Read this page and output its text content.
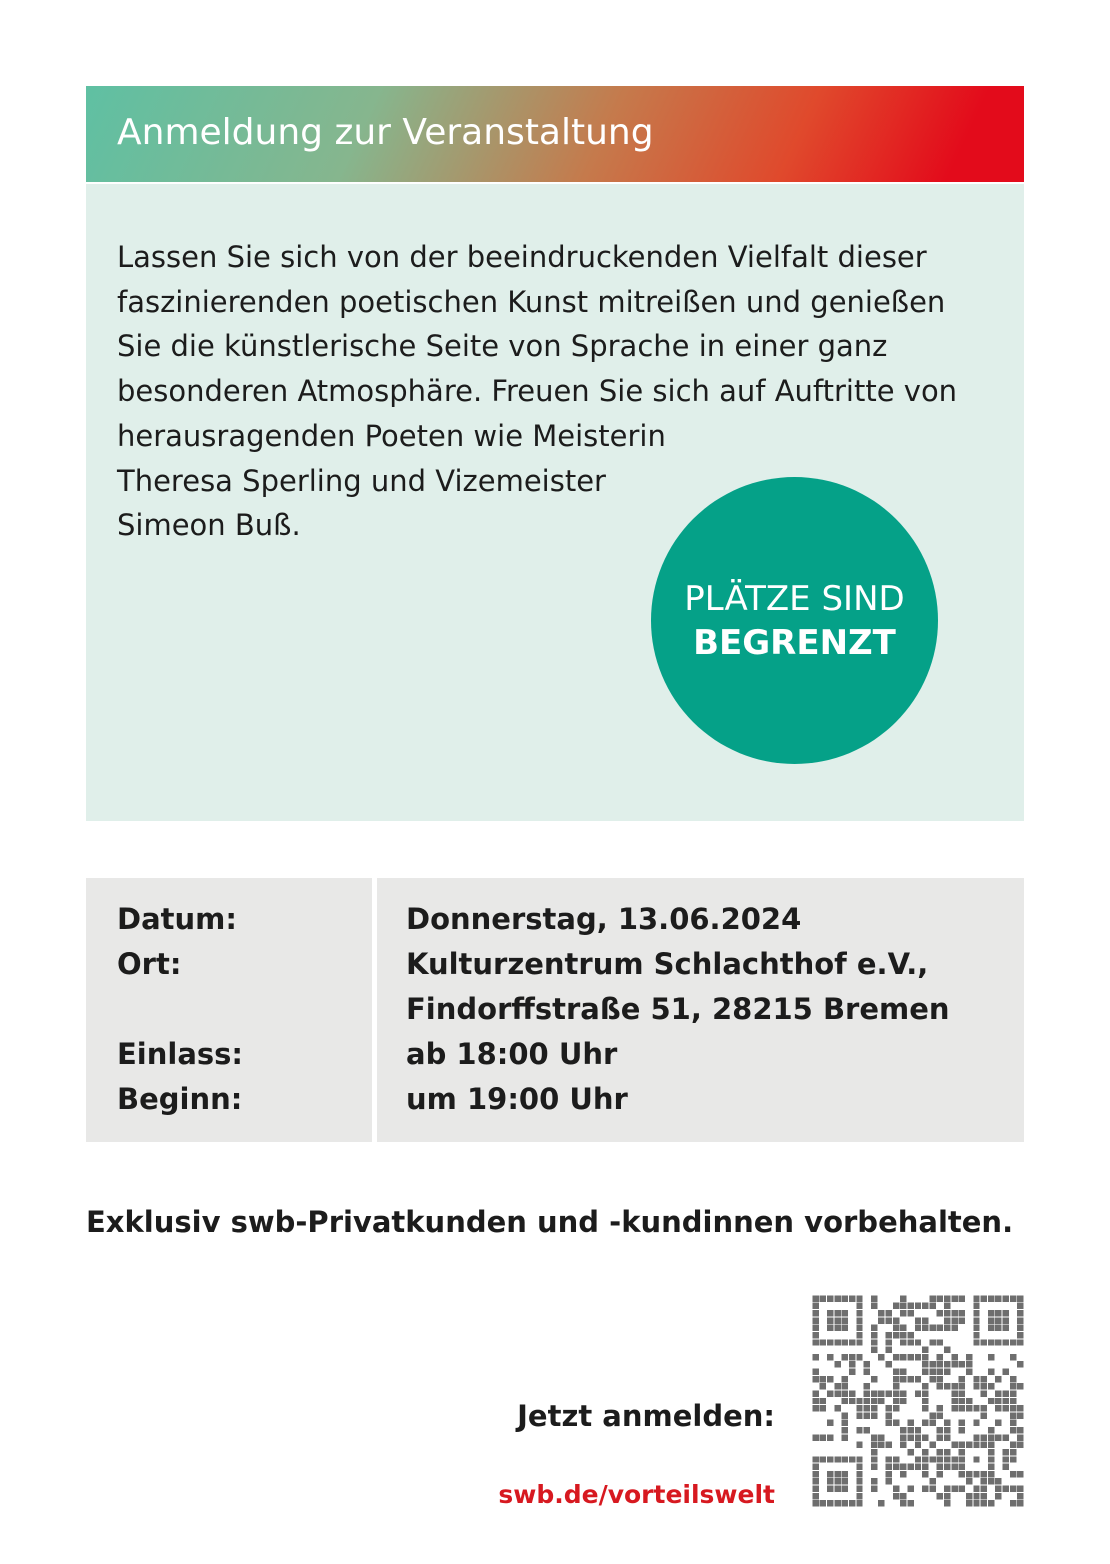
Anmeldung zur Veranstaltung

Lassen Sie sich von der beeindruckenden Vielfalt dieser
faszinierenden poetischen Kunst mitreißen und genießen
Sie die künstlerische Seite von Sprache in einer ganz
besonderen Atmosphäre. Freuen Sie sich auf Auftritte von
herausragenden Poeten wie Meisterin
Theresa Sperling und Vizemeister
Simeon Buß.

PLÄTZE SIND
BEGRENZT
Datum:	Donnerstag, 13.06.2024
Ort:	Kulturzentrum Schlachthof e.V.,
Findorffstraße 51, 28215 Bremen
Einlass:	ab 18:00 Uhr
Beginn:	um 19:00 Uhr

Exklusiv swb-Privatkunden und -kundinnen vorbehalten.

Jetzt anmelden:

swb.de/vorteilswelt
